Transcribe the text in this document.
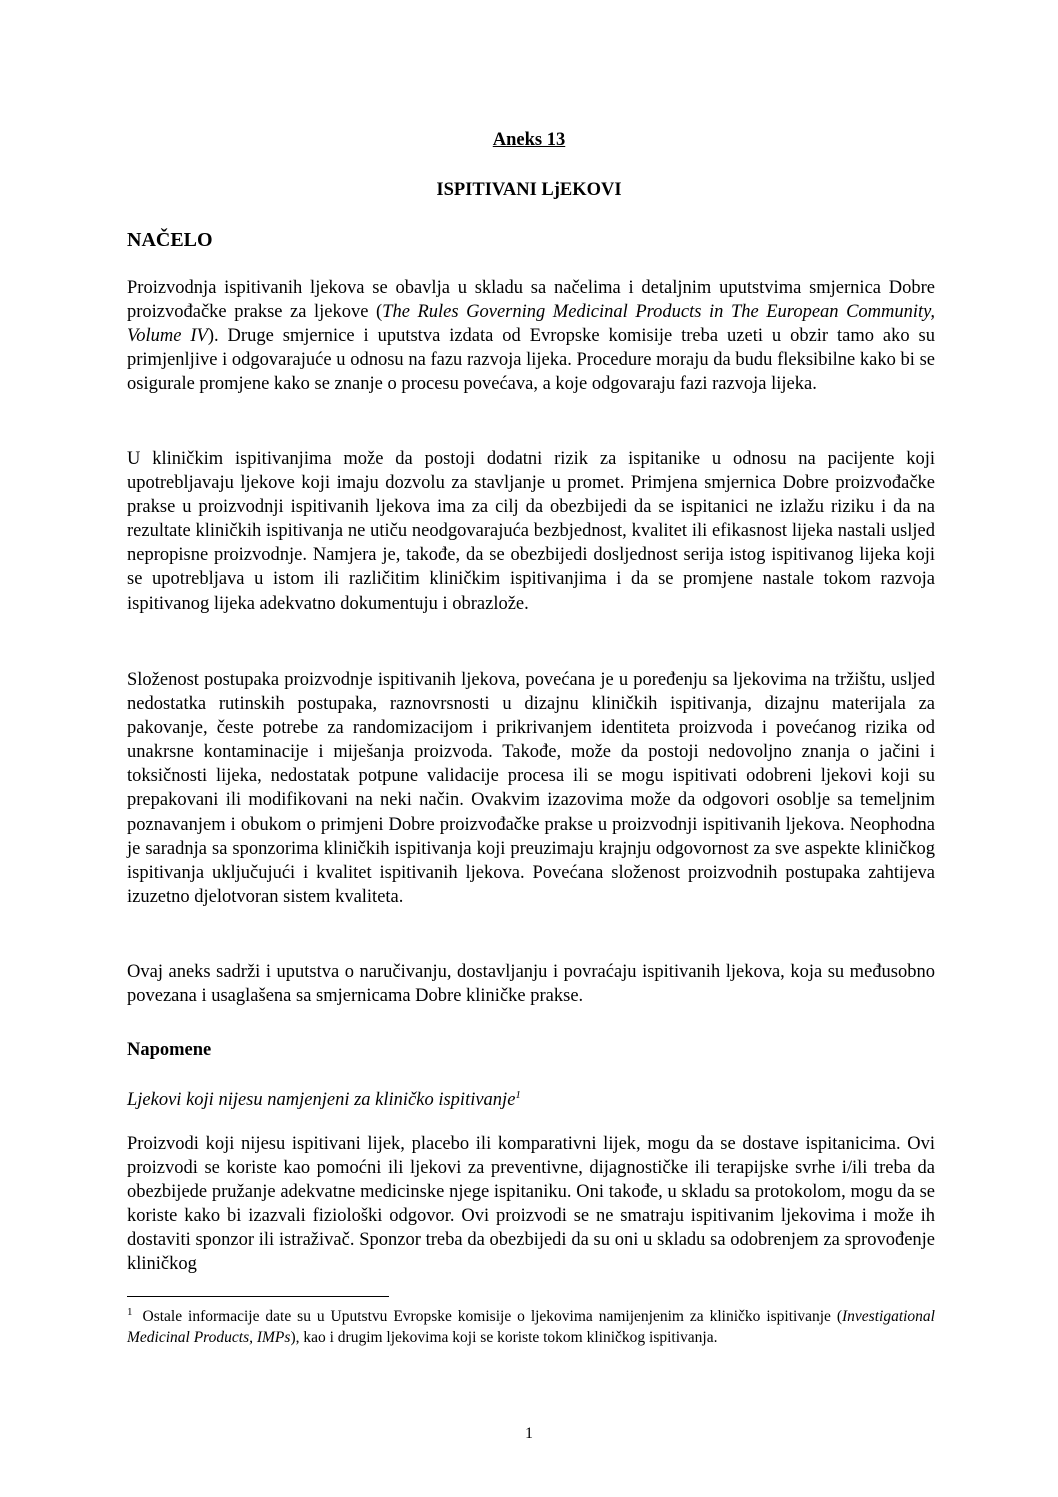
Aneks 13
ISPITIVANI LjEKOVI
NAČELO

Proizvodnja ispitivanih ljekova se obavlja u skladu sa načelima i detaljnim uputstvima smjernica Dobre proizvođačke prakse za ljekove (The Rules Governing Medicinal Products in The European Community, Volume IV). Druge smjernice i uputstva izdata od Evropske komisije treba uzeti u obzir tamo ako su primjenljive i odgovarajuće u odnosu na fazu razvoja lijeka. Procedure moraju da budu fleksibilne kako bi se osigurale promjene kako se znanje o procesu povećava, a koje odgovaraju fazi razvoja lijeka.

U kliničkim ispitivanjima može da postoji dodatni rizik za ispitanike u odnosu na pacijente koji upotrebljavaju ljekove koji imaju dozvolu za stavljanje u promet. Primjena smjernica Dobre proizvođačke prakse u proizvodnji ispitivanih ljekova ima za cilj da obezbijedi da se ispitanici ne izlažu riziku i da na rezultate kliničkih ispitivanja ne utiču neodgovarajuća bezbjednost, kvalitet ili efikasnost lijeka nastali usljed nepropisne proizvodnje. Namjera je, takođe, da se obezbijedi dosljednost serija istog ispitivanog lijeka koji se upotrebljava u istom ili različitim kliničkim ispitivanjima i da se promjene nastale tokom razvoja ispitivanog lijeka adekvatno dokumentuju i obrazlože.

Složenost postupaka proizvodnje ispitivanih ljekova, povećana je u poređenju sa ljekovima na tržištu, usljed nedostatka rutinskih postupaka, raznovrsnosti u dizajnu kliničkih ispitivanja, dizajnu materijala za pakovanje, česte potrebe za randomizacijom i prikrivanjem identiteta proizvoda i povećanog rizika od unakrsne kontaminacije i miješanja proizvoda. Takođe, može da postoji nedovoljno znanja o jačini i toksičnosti lijeka, nedostatak potpune validacije procesa ili se mogu ispitivati odobreni ljekovi koji su prepakovani ili modifikovani na neki način. Ovakvim izazovima može da odgovori osoblje sa temeljnim poznavanjem i obukom o primjeni Dobre proizvođačke prakse u proizvodnji ispitivanih ljekova. Neophodna je saradnja sa sponzorima kliničkih ispitivanja koji preuzimaju krajnju odgovornost za sve aspekte kliničkog ispitivanja uključujući i kvalitet ispitivanih ljekova. Povećana složenost proizvodnih postupaka zahtijeva izuzetno djelotvoran sistem kvaliteta.

Ovaj aneks sadrži i uputstva o naručivanju, dostavljanju i povraćaju ispitivanih ljekova, koja su međusobno povezana i usaglašena sa smjernicama Dobre kliničke prakse.

Napomene
Ljekovi koji nijesu namjenjeni za kliničko ispitivanje$^1$

Proizvodi koji nijesu ispitivani lijek, placebo ili komparativni lijek, mogu da se dostave ispitanicima. Ovi proizvodi se koriste kao pomoćni ili ljekovi za preventivne, dijagnostičke ili terapijske svrhe i/ili treba da obezbijede pružanje adekvatne medicinske njege ispitaniku. Oni takođe, u skladu sa protokolom, mogu da se koriste kako bi izazvali fiziološki odgovor. Ovi proizvodi se ne smatraju ispitivanim ljekovima i može ih dostaviti sponzor ili istraživač. Sponzor treba da obezbijedi da su oni u skladu sa odobrenjem za sprovođenje kliničkog

$^1$ Ostale informacije date su u Uputstvu Evropske komisije o ljekovima namijenjenim za kliničko ispitivanje (Investigational Medicinal Products, IMPs), kao i drugim ljekovima koji se koriste tokom kliničkog ispitivanja.

1
